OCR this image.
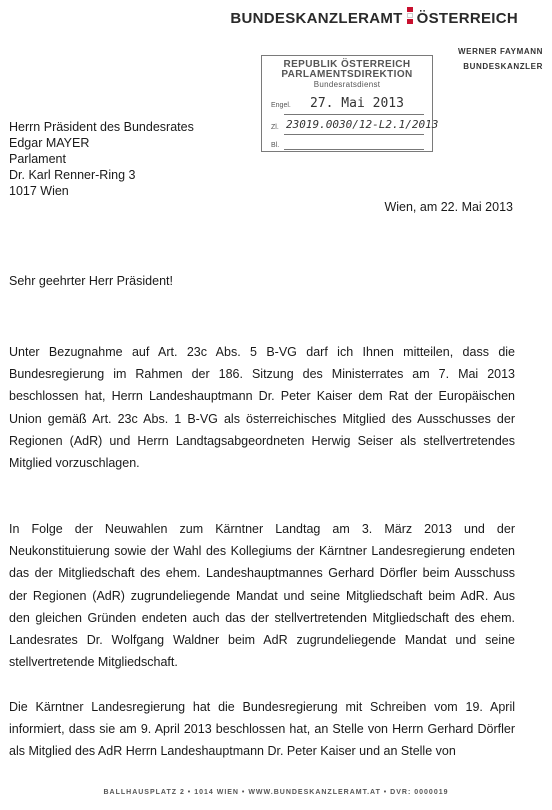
BUNDESKANZLERAMT ÖSTERREICH
WERNER FAYMANN
BUNDESKANZLER
REPUBLIK ÖSTERREICH
PARLAMENTSDIREKTION
Bundesratsdienst
Engel. 27. Mai 2013
Zl. 23019.0030/12-L2.1/2013
Bl.
Herrn Präsident des Bundesrates
Edgar MAYER
Parlament
Dr. Karl Renner-Ring 3
1017 Wien
Wien, am 22. Mai 2013
Sehr geehrter Herr Präsident!
Unter Bezugnahme auf Art. 23c Abs. 5 B-VG darf ich Ihnen mitteilen, dass die Bundesregierung im Rahmen der 186. Sitzung des Ministerrates am 7. Mai 2013 beschlossen hat, Herrn Landeshauptmann Dr. Peter Kaiser dem Rat der Europäischen Union gemäß Art. 23c Abs. 1 B-VG als österreichisches Mitglied des Ausschusses der Regionen (AdR) und Herrn Landtagsabgeordneten Herwig Seiser als stellvertretendes Mitglied vorzuschlagen.
In Folge der Neuwahlen zum Kärntner Landtag am 3. März 2013 und der Neukonstituierung sowie der Wahl des Kollegiums der Kärntner Landesregierung endeten das der Mitgliedschaft des ehem. Landeshauptmannes Gerhard Dörfler beim Ausschuss der Regionen (AdR) zugrundeliegende Mandat und seine Mitgliedschaft beim AdR. Aus den gleichen Gründen endeten auch das der stellvertretenden Mitgliedschaft des ehem. Landesrates Dr. Wolfgang Waldner beim AdR zugrundeliegende Mandat und seine stellvertretende Mitgliedschaft.
Die Kärntner Landesregierung hat die Bundesregierung mit Schreiben vom 19. April informiert, dass sie am 9. April 2013 beschlossen hat, an Stelle von Herrn Gerhard Dörfler als Mitglied des AdR Herrn Landeshauptmann Dr. Peter Kaiser und an Stelle von
BALLHAUSPLATZ 2 • 1014 WIEN • WWW.BUNDESKANZLERAMT.AT • DVR: 0000019
